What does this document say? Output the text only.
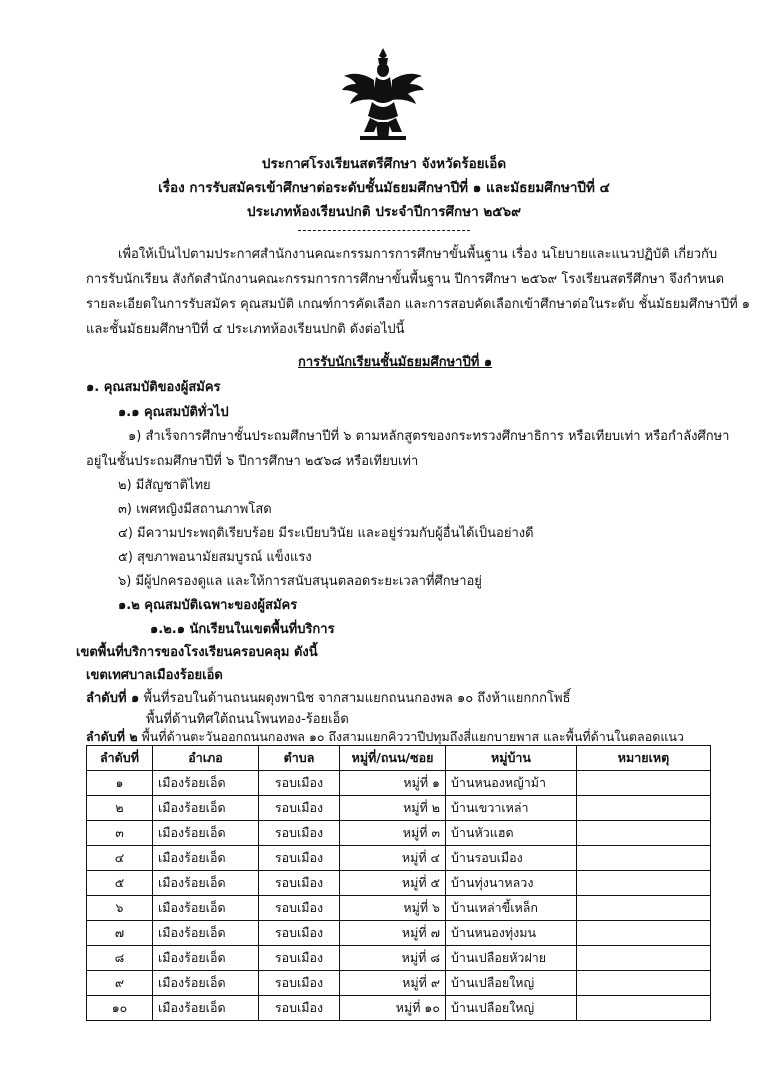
ประกาศโรงเรียนสตรีศึกษา จังหวัดร้อยเอ็ด
เรื่อง การรับสมัครเข้าศึกษาต่อระดับชั้นมัธยมศึกษาปีที่ ๑ และมัธยมศึกษาปีที่ ๔
ประเภทห้องเรียนปกติ ประจำปีการศึกษา ๒๕๖๙
เพื่อให้เป็นไปตามประกาศสำนักงานคณะกรรมการการศึกษาขั้นพื้นฐาน เรื่อง นโยบายและแนวปฏิบัติ เกี่ยวกับ
การรับนักเรียน สังกัดสำนักงานคณะกรรมการการศึกษาขั้นพื้นฐาน ปีการศึกษา ๒๕๖๙ โรงเรียนสตรีศึกษา จึงกำหนด
รายละเอียดในการรับสมัคร คุณสมบัติ เกณฑ์การคัดเลือก และการสอบคัดเลือกเข้าศึกษาต่อในระดับ ชั้นมัธยมศึกษาปีที่ ๑
และชั้นมัธยมศึกษาปีที่ ๔ ประเภทห้องเรียนปกติ ดังต่อไปนี้
การรับนักเรียนชั้นมัธยมศึกษาปีที่ ๑
๑. คุณสมบัติของผู้สมัคร
๑.๑ คุณสมบัติทั่วไป
๑) สำเร็จการศึกษาชั้นประถมศึกษาปีที่ ๖ ตามหลักสูตรของกระทรวงศึกษาธิการ หรือเทียบเท่า หรือกำลังศึกษา
อยู่ในชั้นประถมศึกษาปีที่ ๖ ปีการศึกษา ๒๕๖๘ หรือเทียบเท่า
๒) มีสัญชาติไทย
๓) เพศหญิงมีสถานภาพโสด
๔) มีความประพฤติเรียบร้อย มีระเบียบวินัย และอยู่ร่วมกับผู้อื่นได้เป็นอย่างดี
๕) สุขภาพอนามัยสมบูรณ์ แข็งแรง
๖) มีผู้ปกครองดูแล และให้การสนับสนุนตลอดระยะเวลาที่ศึกษาอยู่
๑.๒ คุณสมบัติเฉพาะของผู้สมัคร
๑.๒.๑ นักเรียนในเขตพื้นที่บริการ
เขตพื้นที่บริการของโรงเรียนครอบคลุม ดังนี้
เขตเทศบาลเมืองร้อยเอ็ด
ลำดับที่ ๑ พื้นที่รอบในด้านถนนผดุงพานิช จากสามแยกถนนกองพล ๑๐ ถึงห้าแยกกกโพธิ์
พื้นที่ด้านทิศใต้ถนนโพนทอง-ร้อยเอ็ด
ลำดับที่ ๒ พื้นที่ด้านตะวันออกถนนกองพล ๑๐ ถึงสามแยกคิววาปีปทุมถึงสี่แยกบายพาส และพื้นที่ด้านในตลอดแนว
ลำดับที่	อำเภอ	ตำบล	หมู่ที่/ถนน/ซอย	หมู่บ้าน	หมายเหตุ
๑	เมืองร้อยเอ็ด	รอบเมือง	หมู่ที่ ๑	บ้านหนองหญ้าม้า	
๒	เมืองร้อยเอ็ด	รอบเมือง	หมู่ที่ ๒	บ้านเขวาเหล่า	
๓	เมืองร้อยเอ็ด	รอบเมือง	หมู่ที่ ๓	บ้านหัวแฮด	
๔	เมืองร้อยเอ็ด	รอบเมือง	หมู่ที่ ๔	บ้านรอบเมือง	
๕	เมืองร้อยเอ็ด	รอบเมือง	หมู่ที่ ๕	บ้านทุ่งนาหลวง	
๖	เมืองร้อยเอ็ด	รอบเมือง	หมู่ที่ ๖	บ้านเหล่าขี้เหล็ก	
๗	เมืองร้อยเอ็ด	รอบเมือง	หมู่ที่ ๗	บ้านหนองทุ่งมน	
๘	เมืองร้อยเอ็ด	รอบเมือง	หมู่ที่ ๘	บ้านเปลือยหัวฝาย	
๙	เมืองร้อยเอ็ด	รอบเมือง	หมู่ที่ ๙	บ้านเปลือยใหญ่	
๑๐	เมืองร้อยเอ็ด	รอบเมือง	หมู่ที่ ๑๐	บ้านเปลือยใหญ่	
